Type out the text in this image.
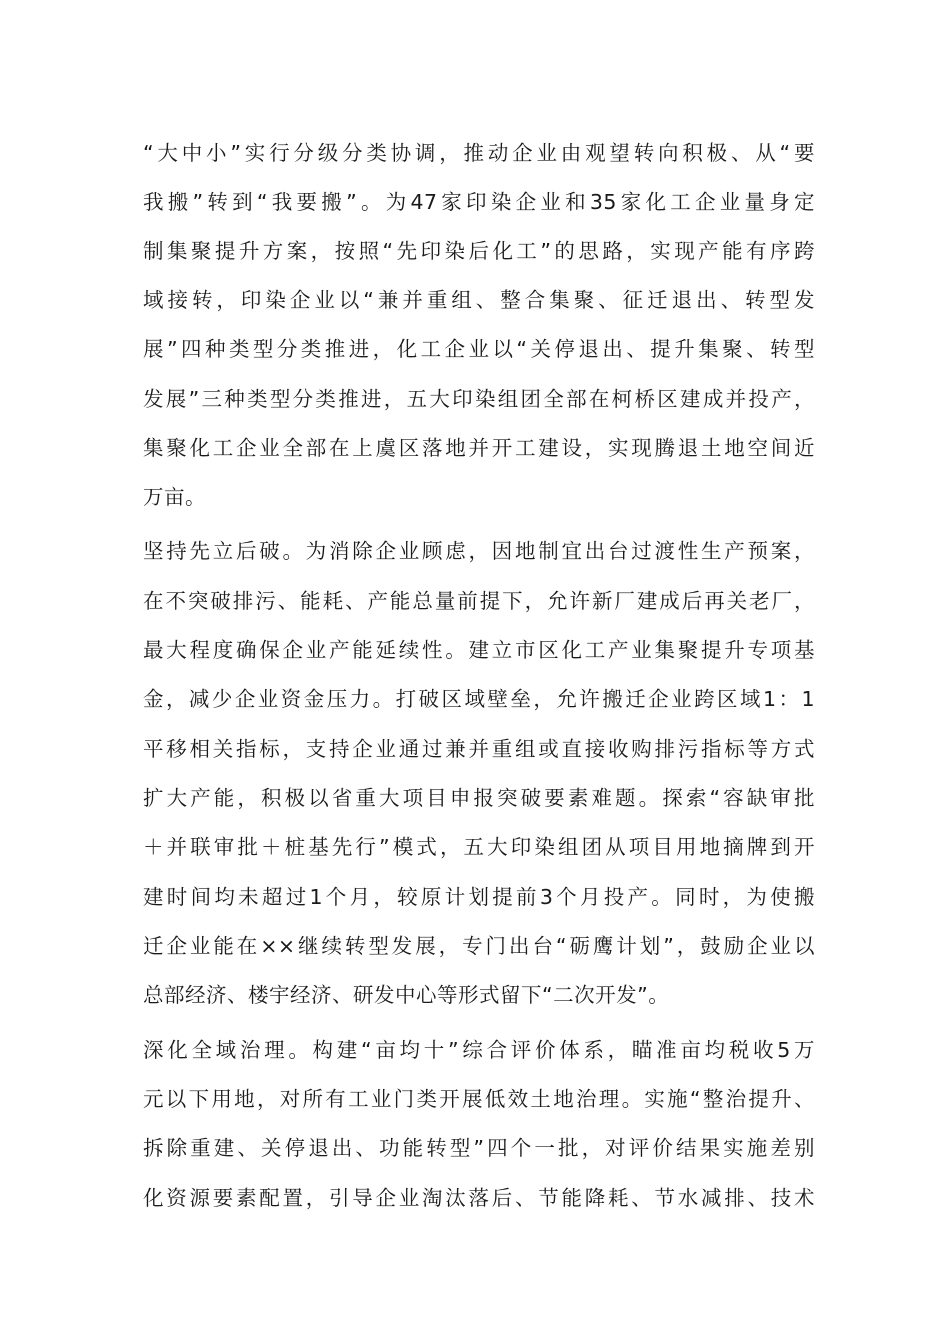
“大中小”实行分级分类协调，推动企业由观望转向积极、从“要

我搬”转到“我要搬”。为47家印染企业和35家化工企业量身定

制集聚提升方案，按照“先印染后化工”的思路，实现产能有序跨

域接转，印染企业以“兼并重组、整合集聚、征迁退出、转型发

展”四种类型分类推进，化工企业以“关停退出、提升集聚、转型

发展”三种类型分类推进，五大印染组团全部在柯桥区建成并投产，

集聚化工企业全部在上虞区落地并开工建设，实现腾退土地空间近

万亩。

坚持先立后破。为消除企业顾虑，因地制宜出台过渡性生产预案，

在不突破排污、能耗、产能总量前提下，允许新厂建成后再关老厂，

最大程度确保企业产能延续性。建立市区化工产业集聚提升专项基

金，减少企业资金压力。打破区域壁垒，允许搬迁企业跨区域1：1

平移相关指标，支持企业通过兼并重组或直接收购排污指标等方式

扩大产能，积极以省重大项目申报突破要素难题。探索“容缺审批

＋并联审批＋桩基先行”模式，五大印染组团从项目用地摘牌到开

建时间均未超过1个月，较原计划提前3个月投产。同时，为使搬

迁企业能在××继续转型发展，专门出台“砺鹰计划”，鼓励企业以

总部经济、楼宇经济、研发中心等形式留下“二次开发”。

深化全域治理。构建“亩均十”综合评价体系，瞄准亩均税收5万

元以下用地，对所有工业门类开展低效土地治理。实施“整治提升、

拆除重建、关停退出、功能转型”四个一批，对评价结果实施差别

化资源要素配置，引导企业淘汰落后、节能降耗、节水减排、技术
